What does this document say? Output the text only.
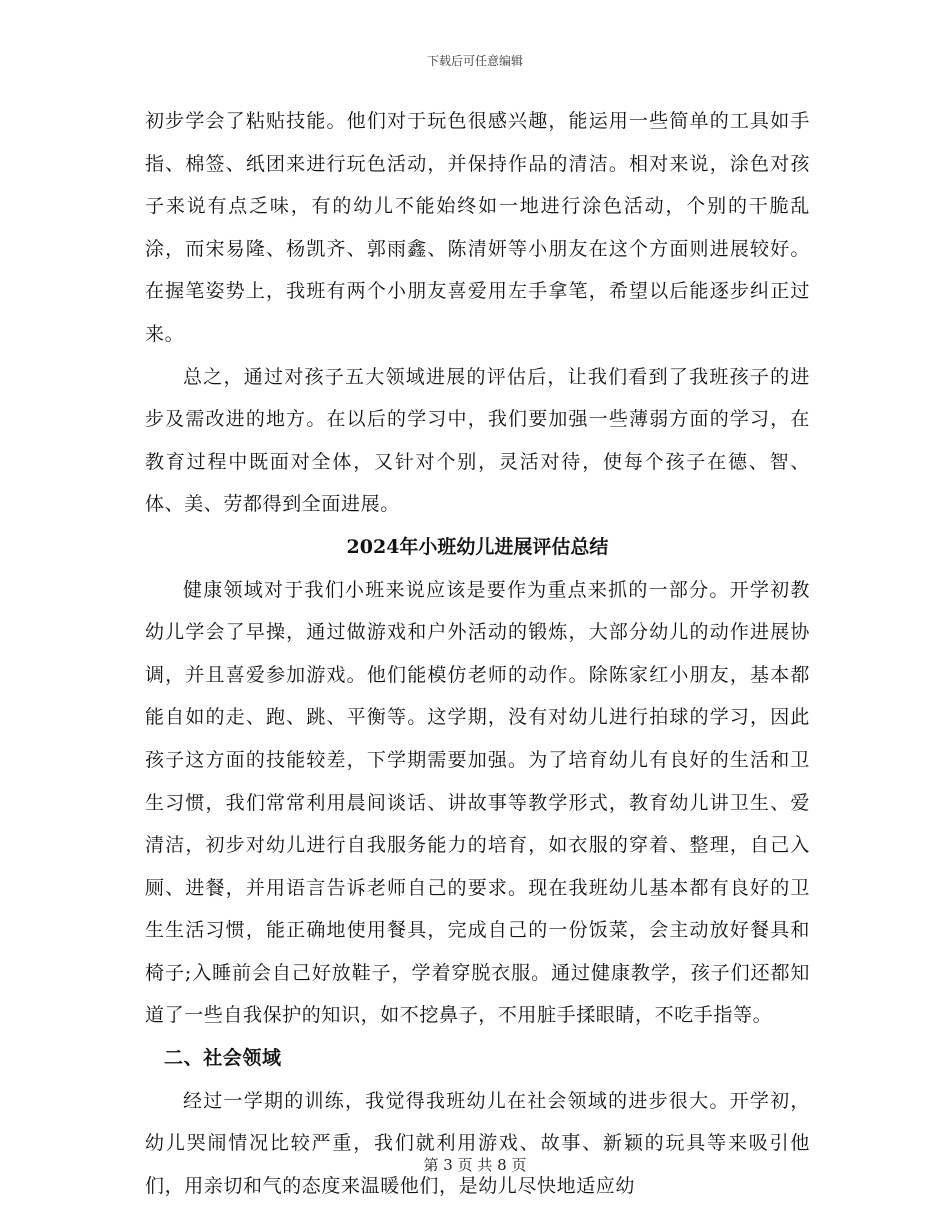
下载后可任意编辑

初步学会了粘贴技能。他们对于玩色很感兴趣，能运用一些简单的工具如手指、棉签、纸团来进行玩色活动，并保持作品的清洁。相对来说，涂色对孩子来说有点乏味，有的幼儿不能始终如一地进行涂色活动，个别的干脆乱涂，而宋易隆、杨凯齐、郭雨鑫、陈清妍等小朋友在这个方面则进展较好。在握笔姿势上，我班有两个小朋友喜爱用左手拿笔，希望以后能逐步纠正过来。

总之，通过对孩子五大领域进展的评估后，让我们看到了我班孩子的进步及需改进的地方。在以后的学习中，我们要加强一些薄弱方面的学习，在教育过程中既面对全体，又针对个别，灵活对待，使每个孩子在德、智、体、美、劳都得到全面进展。

2024年小班幼儿进展评估总结

健康领域对于我们小班来说应该是要作为重点来抓的一部分。开学初教幼儿学会了早操，通过做游戏和户外活动的锻炼，大部分幼儿的动作进展协调，并且喜爱参加游戏。他们能模仿老师的动作。除陈家红小朋友，基本都能自如的走、跑、跳、平衡等。这学期，没有对幼儿进行拍球的学习，因此孩子这方面的技能较差，下学期需要加强。为了培育幼儿有良好的生活和卫生习惯，我们常常利用晨间谈话、讲故事等教学形式，教育幼儿讲卫生、爱清洁，初步对幼儿进行自我服务能力的培育，如衣服的穿着、整理，自己入厕、进餐，并用语言告诉老师自己的要求。现在我班幼儿基本都有良好的卫生生活习惯，能正确地使用餐具，完成自己的一份饭菜，会主动放好餐具和椅子;入睡前会自己好放鞋子，学着穿脱衣服。通过健康教学，孩子们还都知道了一些自我保护的知识，如不挖鼻子，不用脏手揉眼睛，不吃手指等。

二、社会领域

经过一学期的训练，我觉得我班幼儿在社会领域的进步很大。开学初，幼儿哭闹情况比较严重，我们就利用游戏、故事、新颖的玩具等来吸引他们，用亲切和气的态度来温暖他们，是幼儿尽快地适应幼

第 3 页 共 8 页
